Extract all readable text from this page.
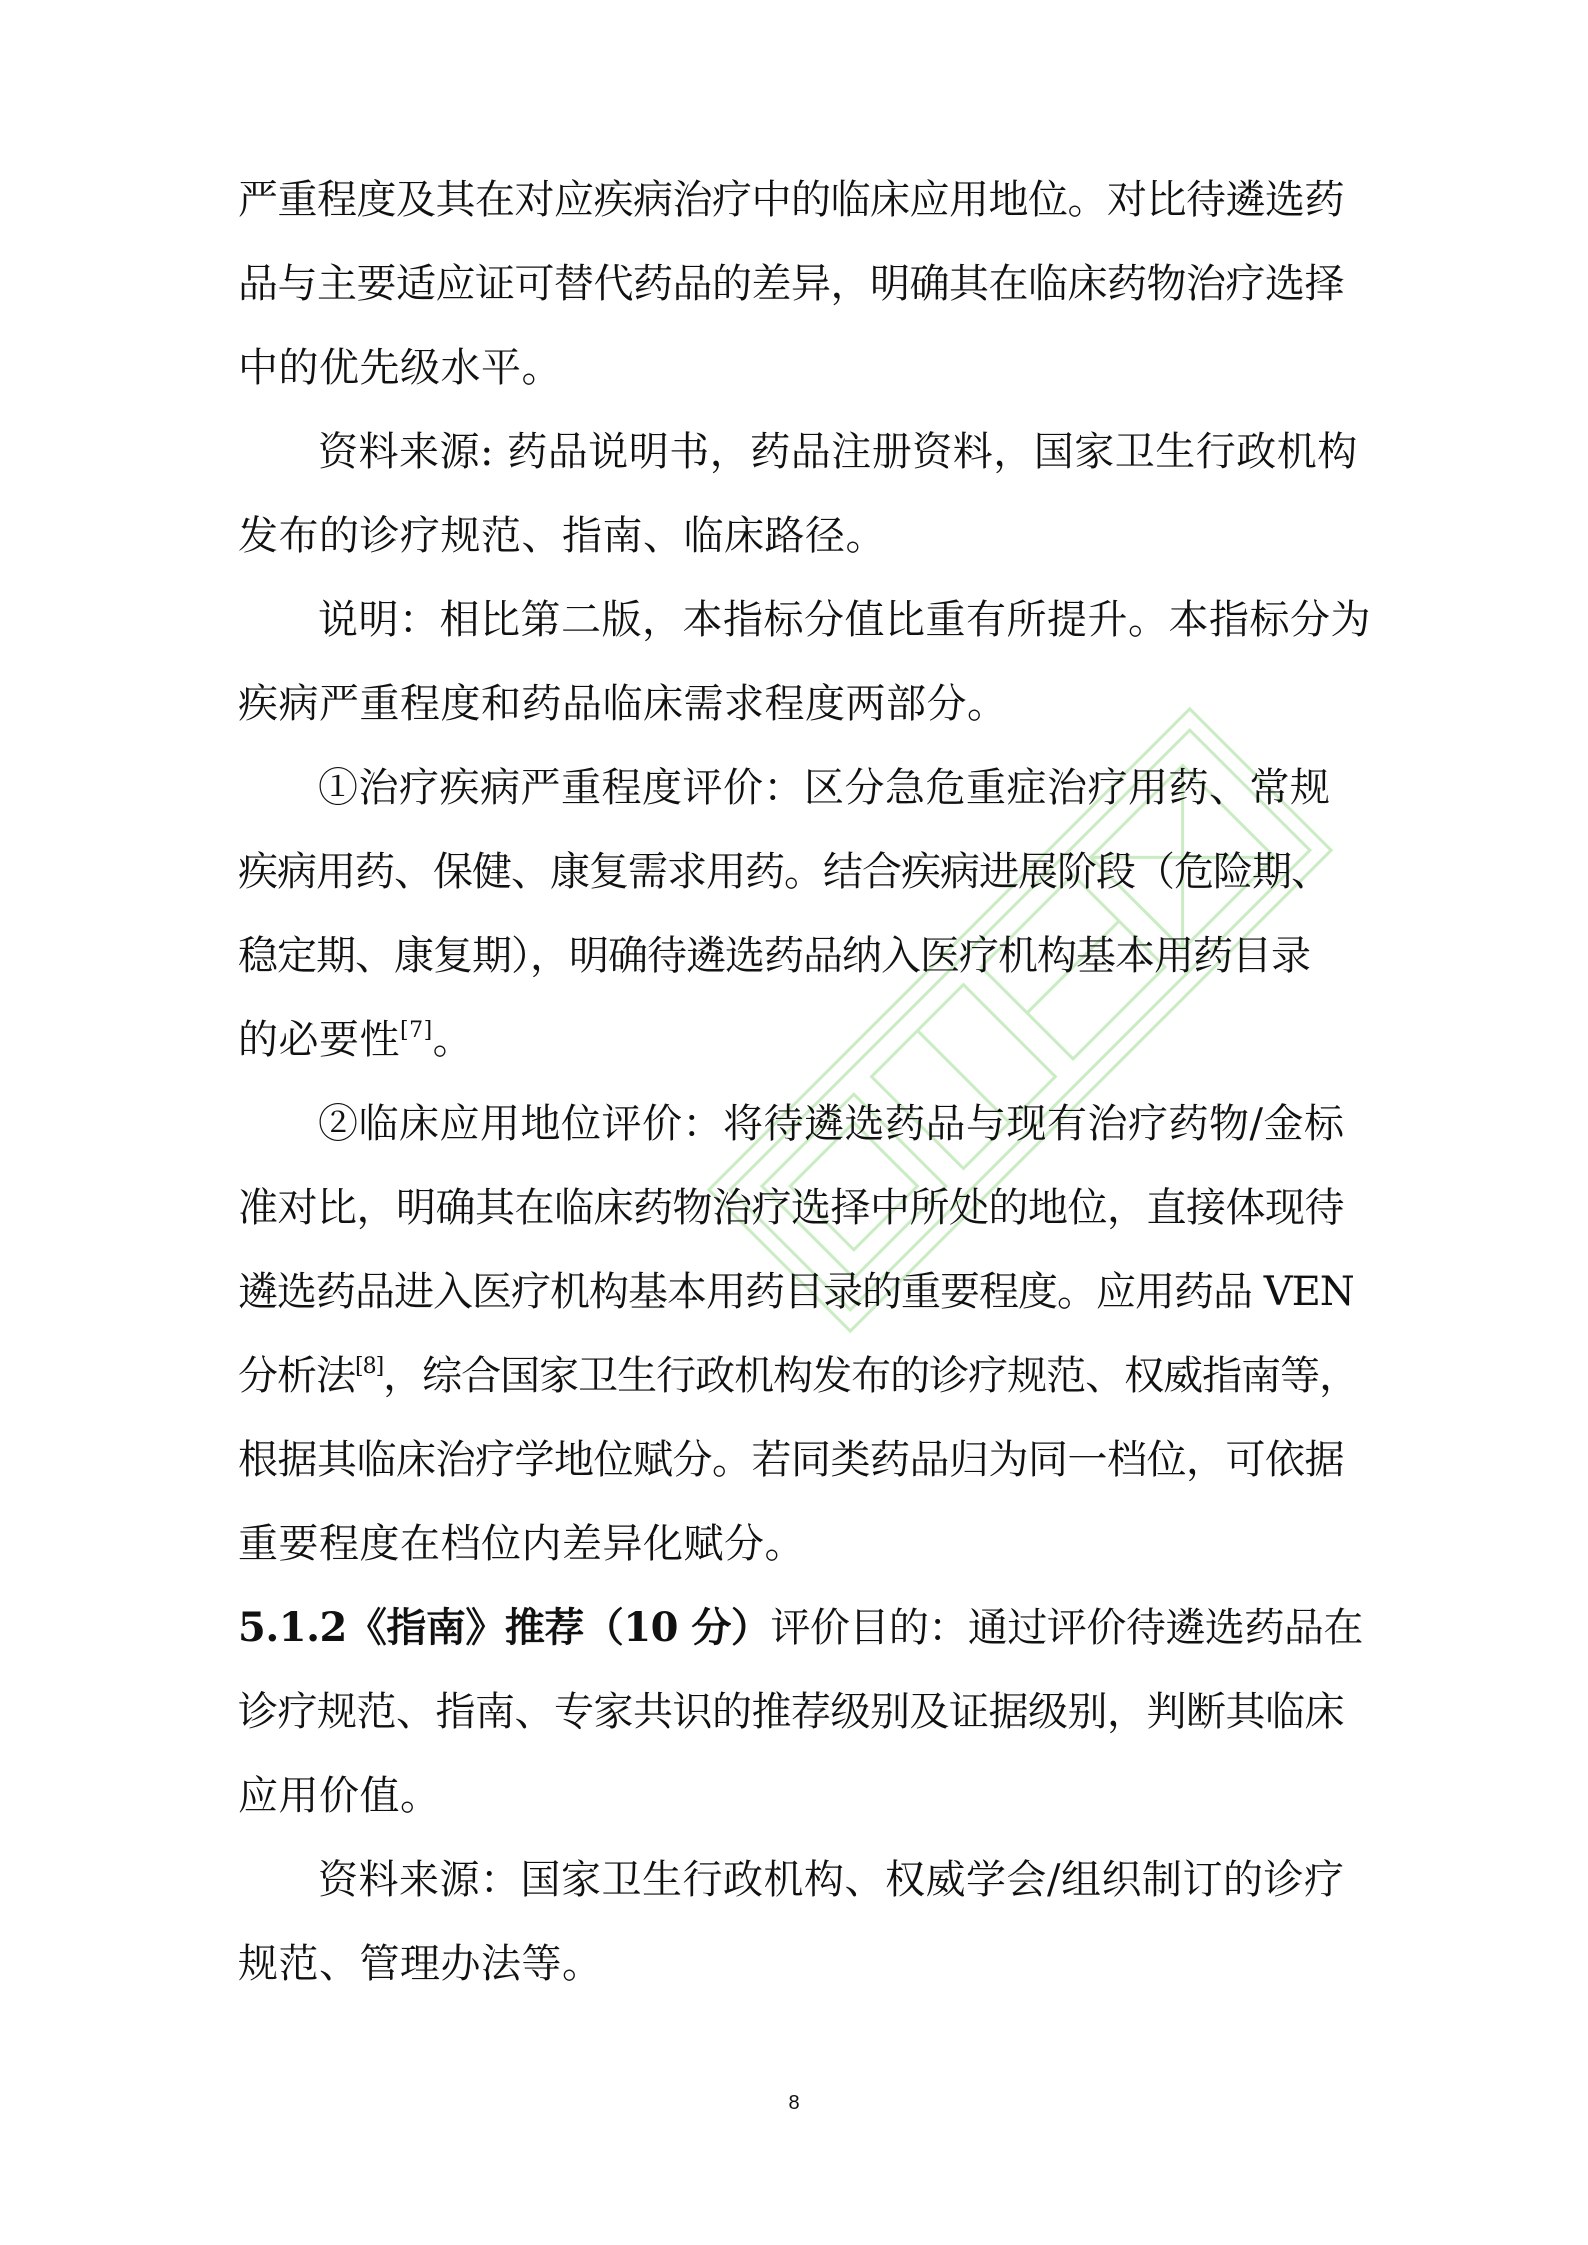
严重程度及其在对应疾病治疗中的临床应用地位。对比待遴选药
品与主要适应证可替代药品的差异，明确其在临床药物治疗选择
中的优先级水平。
资料来源: 药品说明书，药品注册资料，国家卫生行政机构
发布的诊疗规范、指南、临床路径。
说明：相比第二版，本指标分值比重有所提升。本指标分为
疾病严重程度和药品临床需求程度两部分。
①治疗疾病严重程度评价：区分急危重症治疗用药、常规
疾病用药、保健、康复需求用药。结合疾病进展阶段（危险期、
稳定期、康复期），明确待遴选药品纳入医疗机构基本用药目录
的必要性[7]。
②临床应用地位评价：将待遴选药品与现有治疗药物/金标
准对比，明确其在临床药物治疗选择中所处的地位，直接体现待
遴选药品进入医疗机构基本用药目录的重要程度。应用药品 VEN
分析法[8]，综合国家卫生行政机构发布的诊疗规范、权威指南等，
根据其临床治疗学地位赋分。若同类药品归为同一档位，可依据
重要程度在档位内差异化赋分。
5.1.2《指南》推荐（10 分）评价目的：通过评价待遴选药品在
诊疗规范、指南、专家共识的推荐级别及证据级别，判断其临床
应用价值。
资料来源：国家卫生行政机构、权威学会/组织制订的诊疗
规范、管理办法等。
8
